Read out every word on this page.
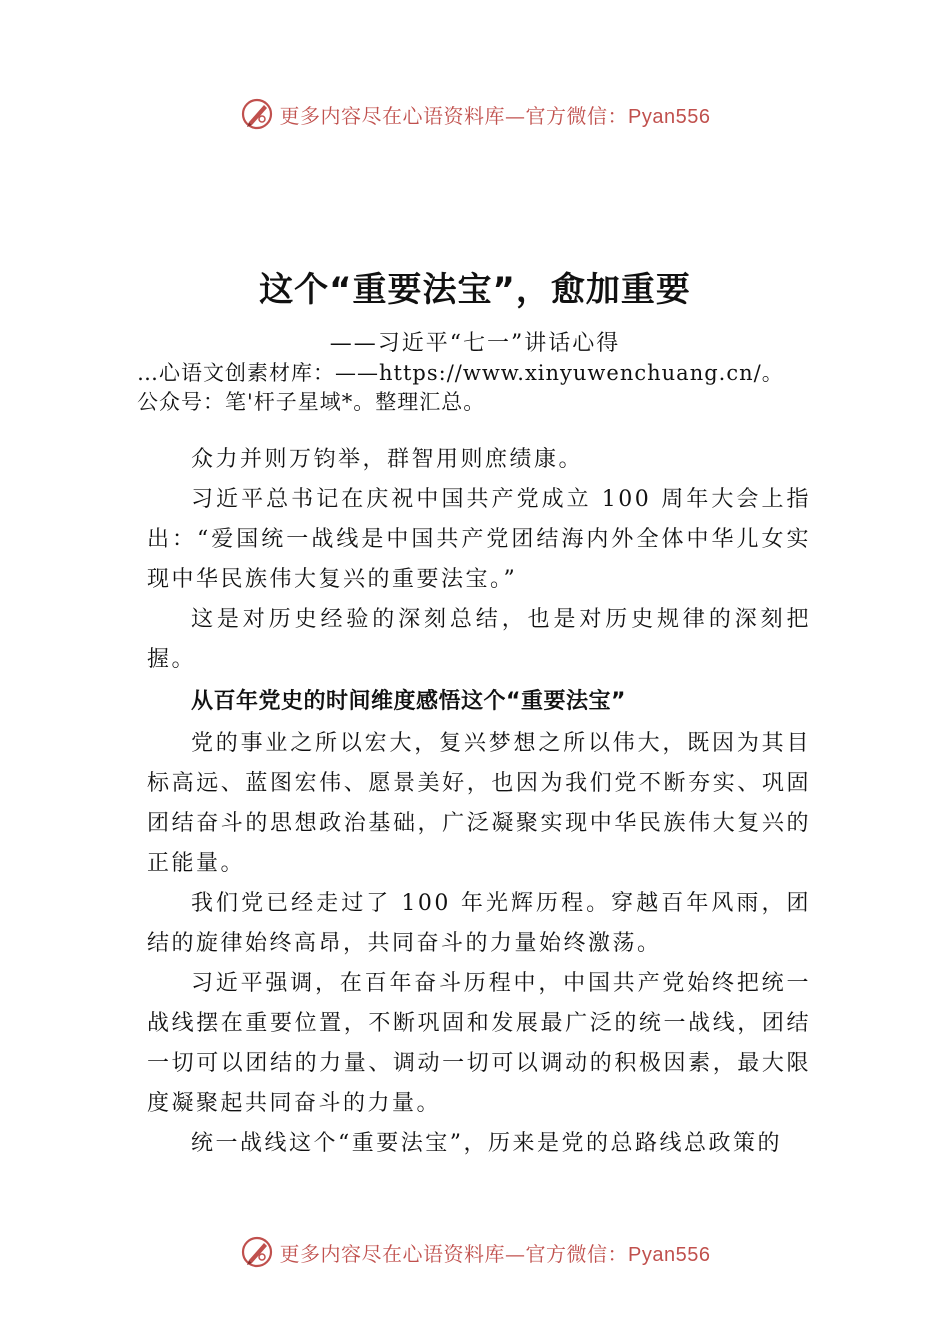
更多内容尽在心语资料库—官方微信：Pyan556
这个“重要法宝”，愈加重要
——习近平“七一”讲话心得
…心语文创素材库：——https://www.xinyuwenchuang.cn/。
公众号：笔'杆子星域*。整理汇总。

众力并则万钧举，群智用则庶绩康。

习近平总书记在庆祝中国共产党成立 100 周年大会上指出：“爱国统一战线是中国共产党团结海内外全体中华儿女实现中华民族伟大复兴的重要法宝。”

这是对历史经验的深刻总结，也是对历史规律的深刻把握。

从百年党史的时间维度感悟这个“重要法宝”

党的事业之所以宏大，复兴梦想之所以伟大，既因为其目标高远、蓝图宏伟、愿景美好，也因为我们党不断夯实、巩固团结奋斗的思想政治基础，广泛凝聚实现中华民族伟大复兴的正能量。

我们党已经走过了 100 年光辉历程。穿越百年风雨，团结的旋律始终高昂，共同奋斗的力量始终激荡。

习近平强调，在百年奋斗历程中，中国共产党始终把统一战线摆在重要位置，不断巩固和发展最广泛的统一战线，团结一切可以团结的力量、调动一切可以调动的积极因素，最大限度凝聚起共同奋斗的力量。

统一战线这个“重要法宝”，历来是党的总路线总政策的

更多内容尽在心语资料库—官方微信：Pyan556
